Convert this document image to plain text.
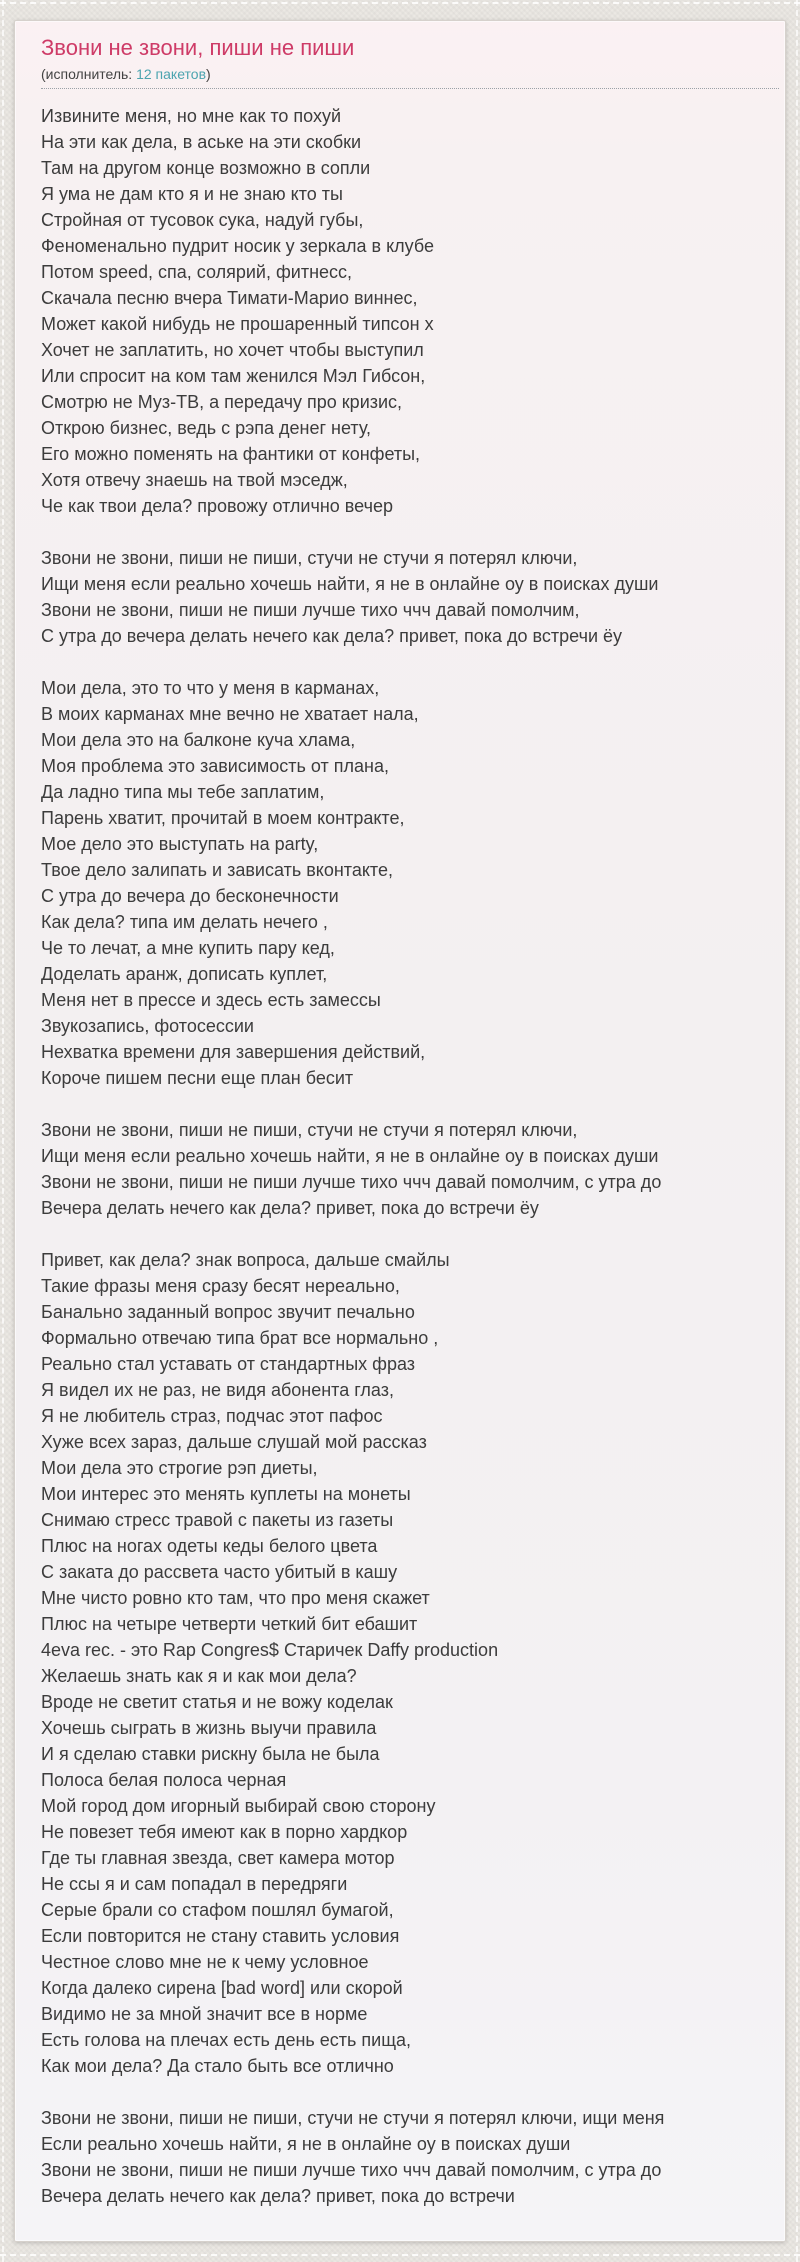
Звони не звони, пиши не пиши

(исполнитель: 12 пакетов)

Извините меня, но мне как то похуй
На эти как дела, в аське на эти скобки
Там на другом конце возможно в сопли
Я ума не дам кто я и не знаю кто ты
Стройная от тусовок сука, надуй губы,
Феноменально пудрит носик у зеркала в клубе
Потом speed, спа, солярий, фитнесс,
Скачала песню вчера Тимати-Марио виннес,
Может какой нибудь не прошаренный типсон х
Хочет не заплатить, но хочет чтобы выступил
Или спросит на ком там женился Мэл Гибсон,
Смотрю не Муз-ТВ, а передачу про кризис,
Открою бизнес, ведь с рэпа денег нету,
Его можно поменять на фантики от конфеты,
Хотя отвечу знаешь на твой мэседж,
Че как твои дела? провожу отлично вечер

Звони не звони, пиши не пиши, стучи не стучи я потерял ключи,
Ищи меня если реально хочешь найти, я не в онлайне оу в поисках души
Звони не звони, пиши не пиши лучше тихо ччч давай помолчим,
С утра до вечера делать нечего как дела? привет, пока до встречи ёу

Мои дела, это то что у меня в карманах,
В моих карманах мне вечно не хватает нала,
Мои дела это на балконе куча хлама,
Моя проблема это зависимость от плана,
Да ладно типа мы тебе заплатим,
Парень хватит, прочитай в моем контракте,
Мое дело это выступать на party,
Твое дело залипать и зависать вконтакте,
С утра до вечера до бесконечности
Как дела? типа им делать нечего ,
Че то лечат, а мне купить пару кед,
Доделать аранж, дописать куплет,
Меня нет в прессе и здесь есть замессы
Звукозапись, фотосессии
Нехватка времени для завершения действий,
Короче пишем песни еще план бесит

Звони не звони, пиши не пиши, стучи не стучи я потерял ключи,
Ищи меня если реально хочешь найти, я не в онлайне оу в поисках души
Звони не звони, пиши не пиши лучше тихо ччч давай помолчим, с утра до
Вечера делать нечего как дела? привет, пока до встречи ёу

Привет, как дела? знак вопроса, дальше смайлы
Такие фразы меня сразу бесят нереально,
Банально заданный вопрос звучит печально
Формально отвечаю типа брат все нормально ,
Реально стал уставать от стандартных фраз
Я видел их не раз, не видя абонента глаз,
Я не любитель страз, подчас этот пафос
Хуже всех зараз, дальше слушай мой рассказ
Мои дела это строгие рэп диеты,
Мои интерес это менять куплеты на монеты
Снимаю стресс травой с пакеты из газеты
Плюс на ногах одеты кеды белого цвета
С заката до рассвета часто убитый в кашу
Мне чисто ровно кто там, что про меня скажет
Плюс на четыре четверти четкий бит ебашит
4eva rec. - это Rap Congres$ Старичек Daffy production
Желаешь знать как я и как мои дела?
Вроде не светит статья и не вожу коделак
Хочешь сыграть в жизнь выучи правила
И я сделаю ставки рискну была не была
Полоса белая полоса черная
Мой город дом игорный выбирай свою сторону
Не повезет тебя имеют как в порно хардкор
Где ты главная звезда, свет камера мотор
Не ссы я и сам попадал в передряги
Серые брали со стафом пошлял бумагой,
Если повторится не стану ставить условия
Честное слово мне не к чему условное
Когда далеко сирена [bad word] или скорой
Видимо не за мной значит все в норме
Есть голова на плечах есть день есть пища,
Как мои дела? Да стало быть все отлично

Звони не звони, пиши не пиши, стучи не стучи я потерял ключи, ищи меня
Если реально хочешь найти, я не в онлайне оу в поисках души
Звони не звони, пиши не пиши лучше тихо ччч давай помолчим, с утра до
Вечера делать нечего как дела? привет, пока до встречи
